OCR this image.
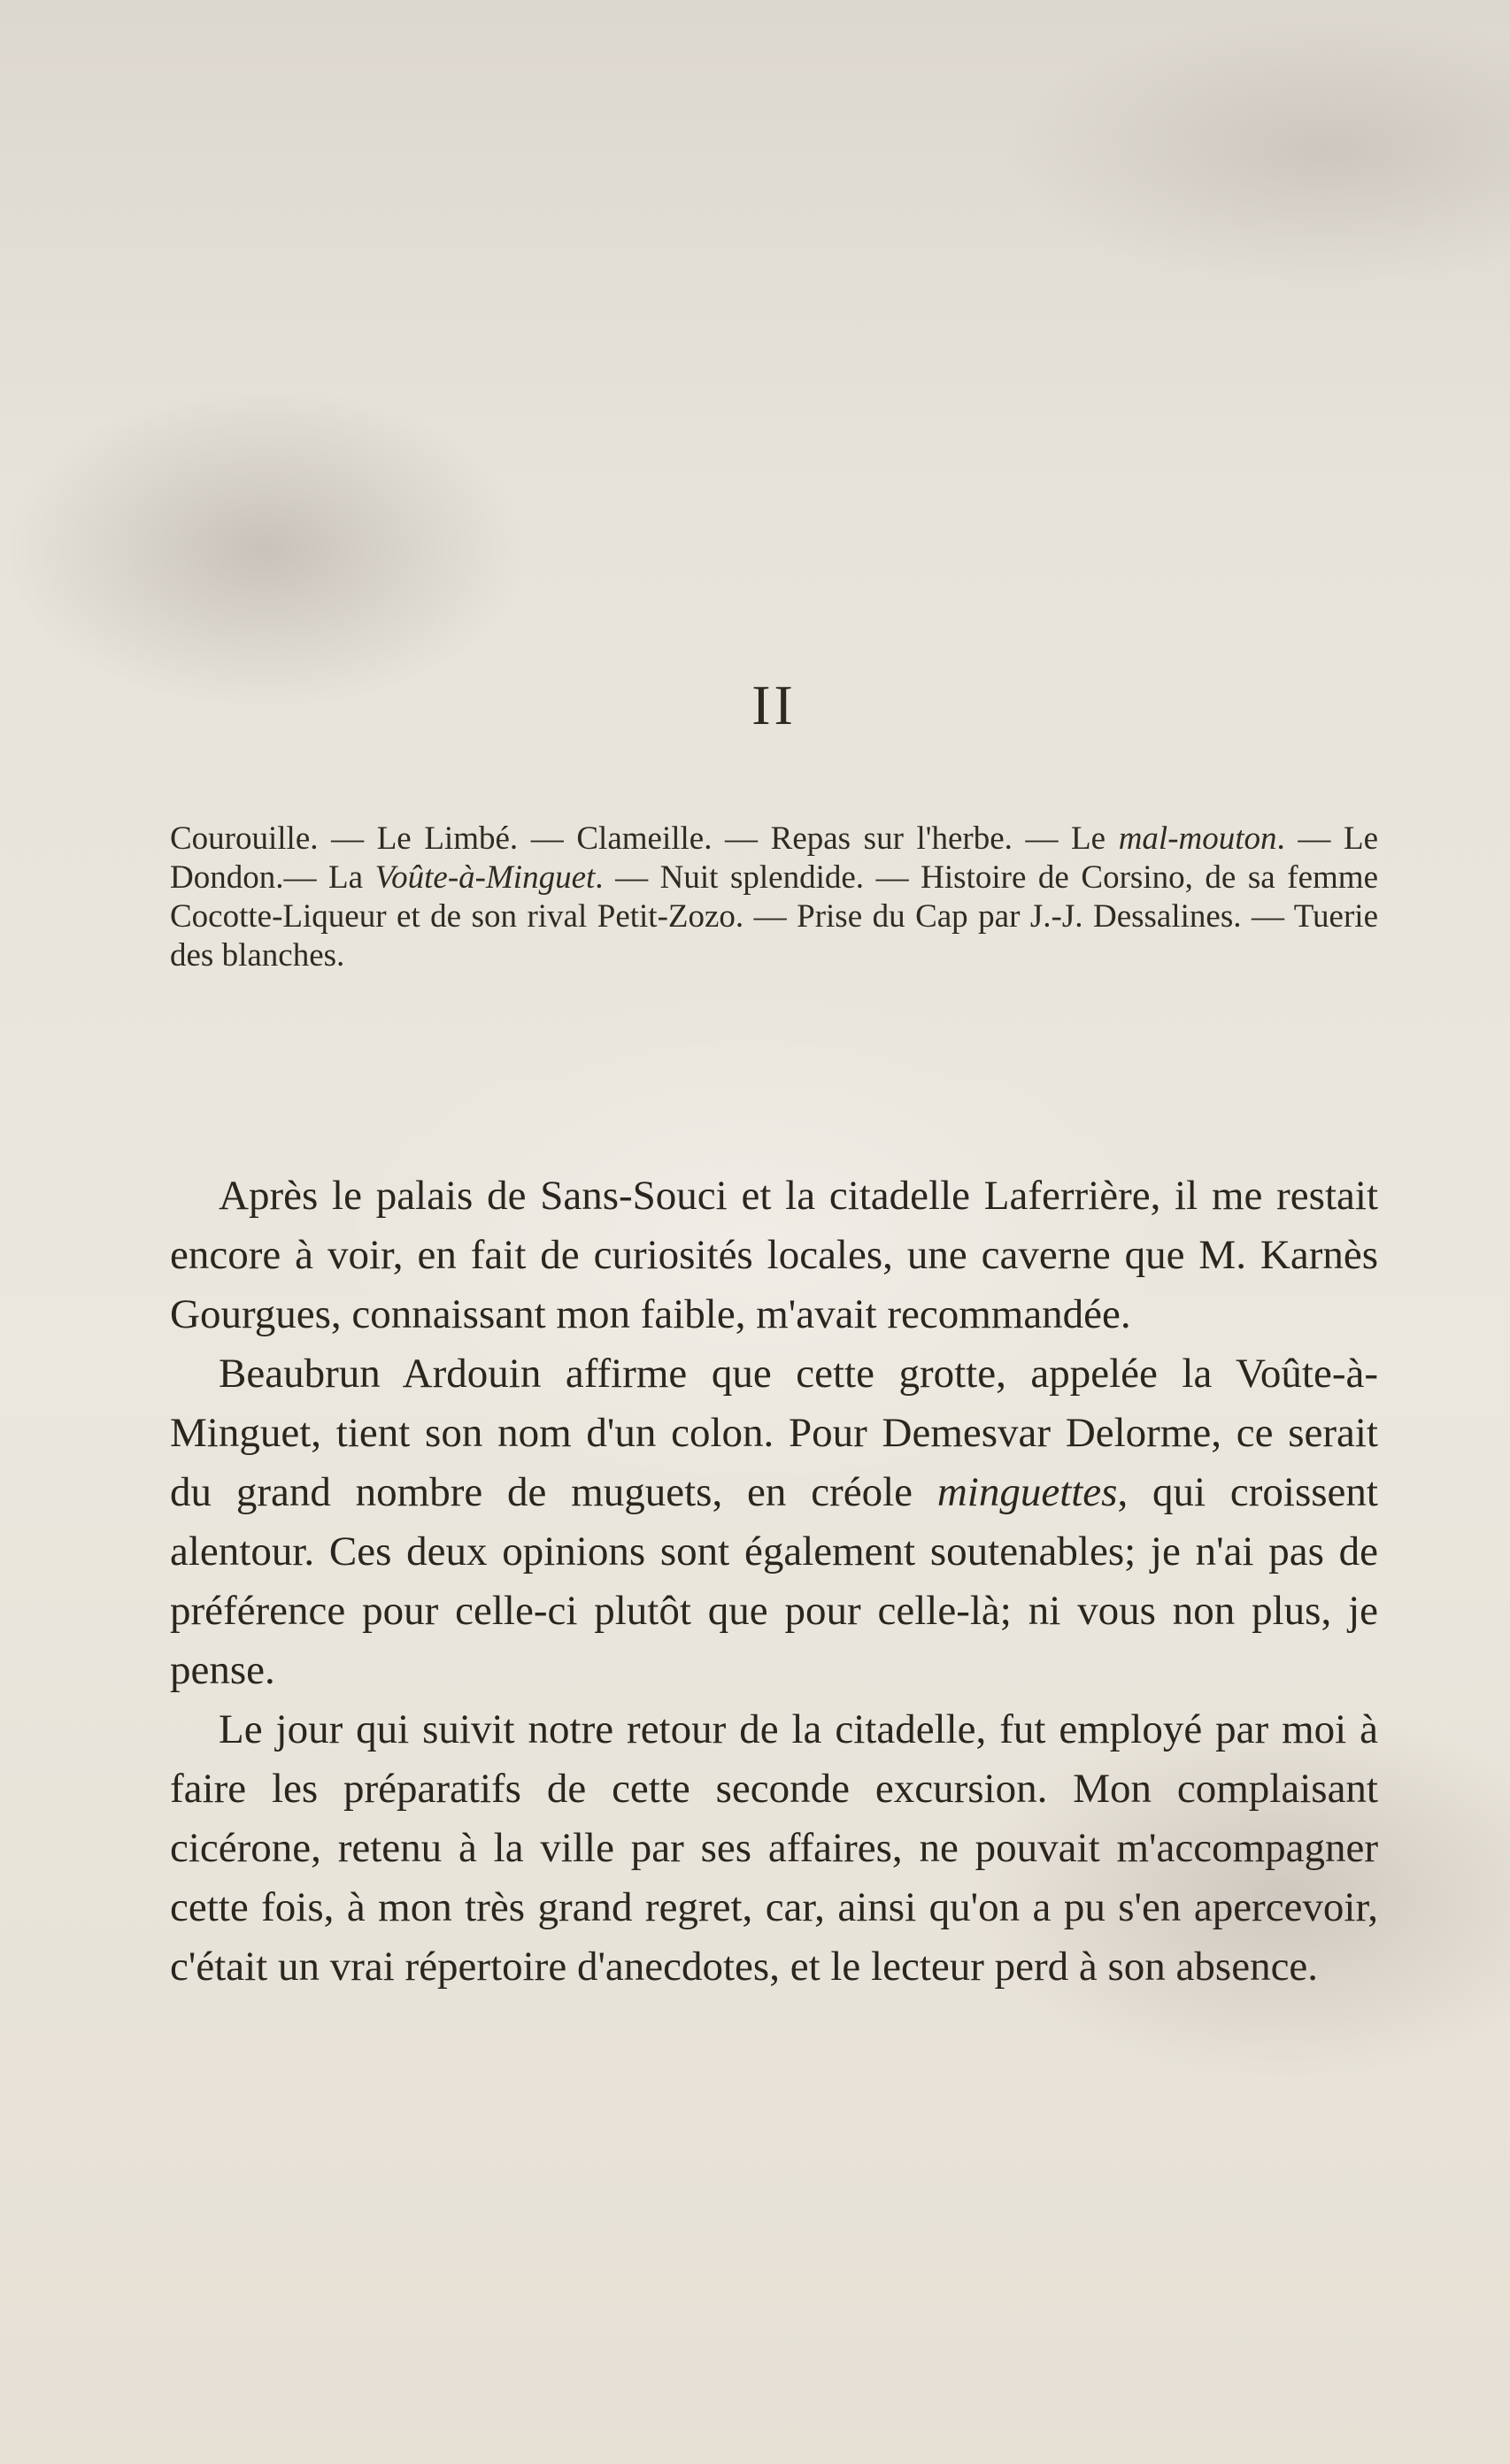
II
Courouille. — Le Limbé. — Clameille. — Repas sur l'herbe. — Le mal-mouton. — Le Dondon.— La Voûte-à-Minguet. — Nuit splendide. — Histoire de Corsino, de sa femme Cocotte-Liqueur et de son rival Petit-Zozo. — Prise du Cap par J.-J. Dessalines. — Tuerie des blanches.

Après le palais de Sans-Souci et la citadelle Laferrière, il me restait encore à voir, en fait de curiosités locales, une caverne que M. Karnès Gourgues, connaissant mon faible, m'avait recommandée.

Beaubrun Ardouin affirme que cette grotte, appelée la Voûte-à-Minguet, tient son nom d'un colon. Pour Demesvar Delorme, ce serait du grand nombre de muguets, en créole minguettes, qui croissent alentour. Ces deux opinions sont également soutenables; je n'ai pas de préférence pour celle-ci plutôt que pour celle-là; ni vous non plus, je pense.

Le jour qui suivit notre retour de la citadelle, fut employé par moi à faire les préparatifs de cette seconde excursion. Mon complaisant cicérone, retenu à la ville par ses affaires, ne pouvait m'accompagner cette fois, à mon très grand regret, car, ainsi qu'on a pu s'en apercevoir, c'était un vrai répertoire d'anecdotes, et le lecteur perd à son absence.
